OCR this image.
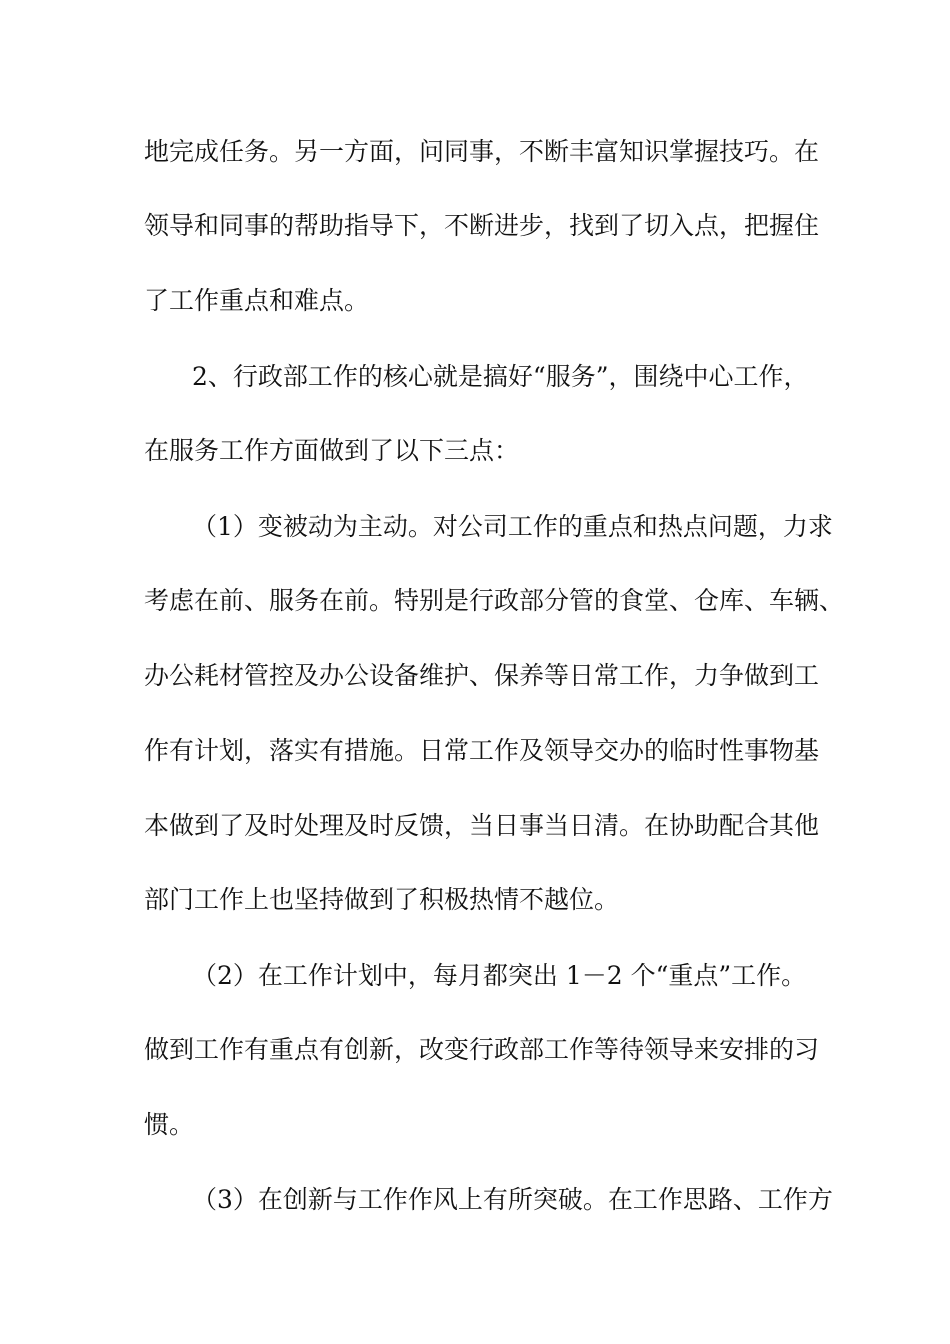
地完成任务。另一方面，问同事，不断丰富知识掌握技巧。在
领导和同事的帮助指导下，不断进步，找到了切入点，把握住
了工作重点和难点。
2、行政部工作的核心就是搞好“服务”，围绕中心工作，
在服务工作方面做到了以下三点：
（1）变被动为主动。对公司工作的重点和热点问题，力求
考虑在前、服务在前。特别是行政部分管的食堂、仓库、车辆、
办公耗材管控及办公设备维护、保养等日常工作，力争做到工
作有计划，落实有措施。日常工作及领导交办的临时性事物基
本做到了及时处理及时反馈，当日事当日清。在协助配合其他
部门工作上也坚持做到了积极热情不越位。
（2）在工作计划中，每月都突出 1－2 个“重点”工作。
做到工作有重点有创新，改变行政部工作等待领导来安排的习
惯。
（3）在创新与工作作风上有所突破。在工作思路、工作方
